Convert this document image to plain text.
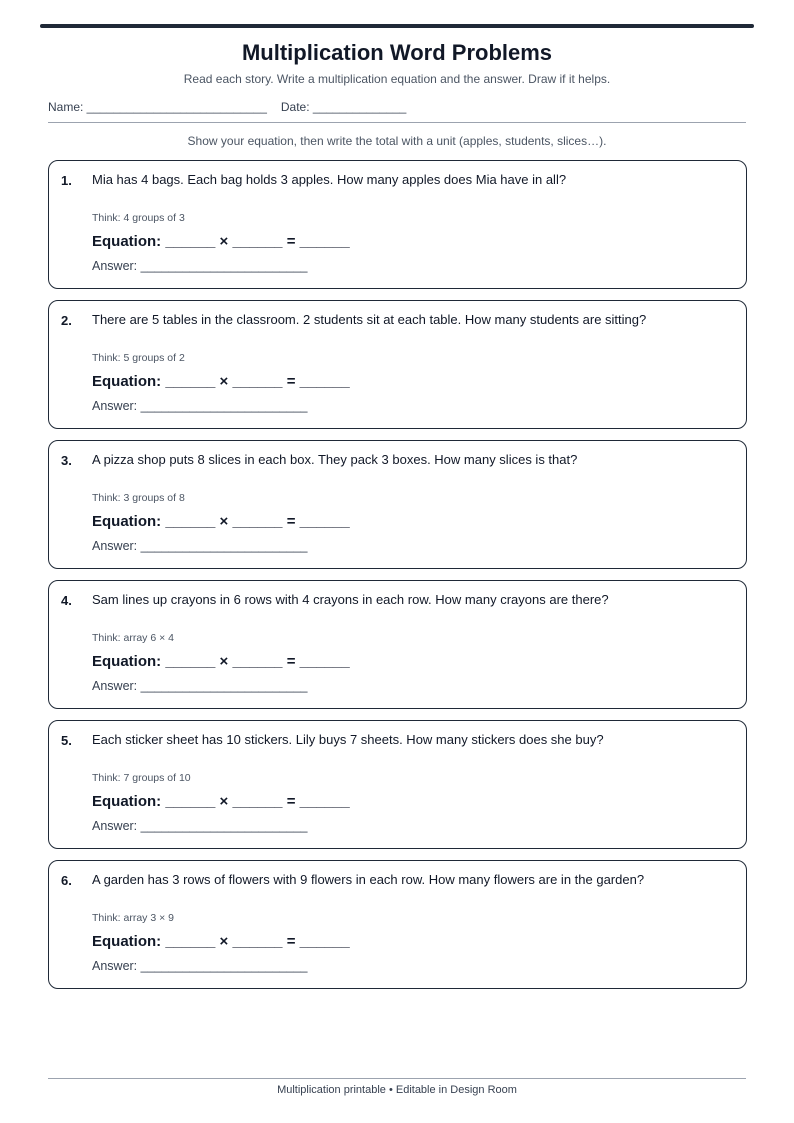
Multiplication Word Problems
Read each story. Write a multiplication equation and the answer. Draw if it helps.
Name: ___________________________ Date: ______________
Show your equation, then write the total with a unit (apples, students, slices…).
1. Mia has 4 bags. Each bag holds 3 apples. How many apples does Mia have in all?
Think: 4 groups of 3
Equation: ______ × ______ = ______
Answer: ________________________
2. There are 5 tables in the classroom. 2 students sit at each table. How many students are sitting?
Think: 5 groups of 2
Equation: ______ × ______ = ______
Answer: ________________________
3. A pizza shop puts 8 slices in each box. They pack 3 boxes. How many slices is that?
Think: 3 groups of 8
Equation: ______ × ______ = ______
Answer: ________________________
4. Sam lines up crayons in 6 rows with 4 crayons in each row. How many crayons are there?
Think: array 6 × 4
Equation: ______ × ______ = ______
Answer: ________________________
5. Each sticker sheet has 10 stickers. Lily buys 7 sheets. How many stickers does she buy?
Think: 7 groups of 10
Equation: ______ × ______ = ______
Answer: ________________________
6. A garden has 3 rows of flowers with 9 flowers in each row. How many flowers are in the garden?
Think: array 3 × 9
Equation: ______ × ______ = ______
Answer: ________________________
Multiplication printable • Editable in Design Room
